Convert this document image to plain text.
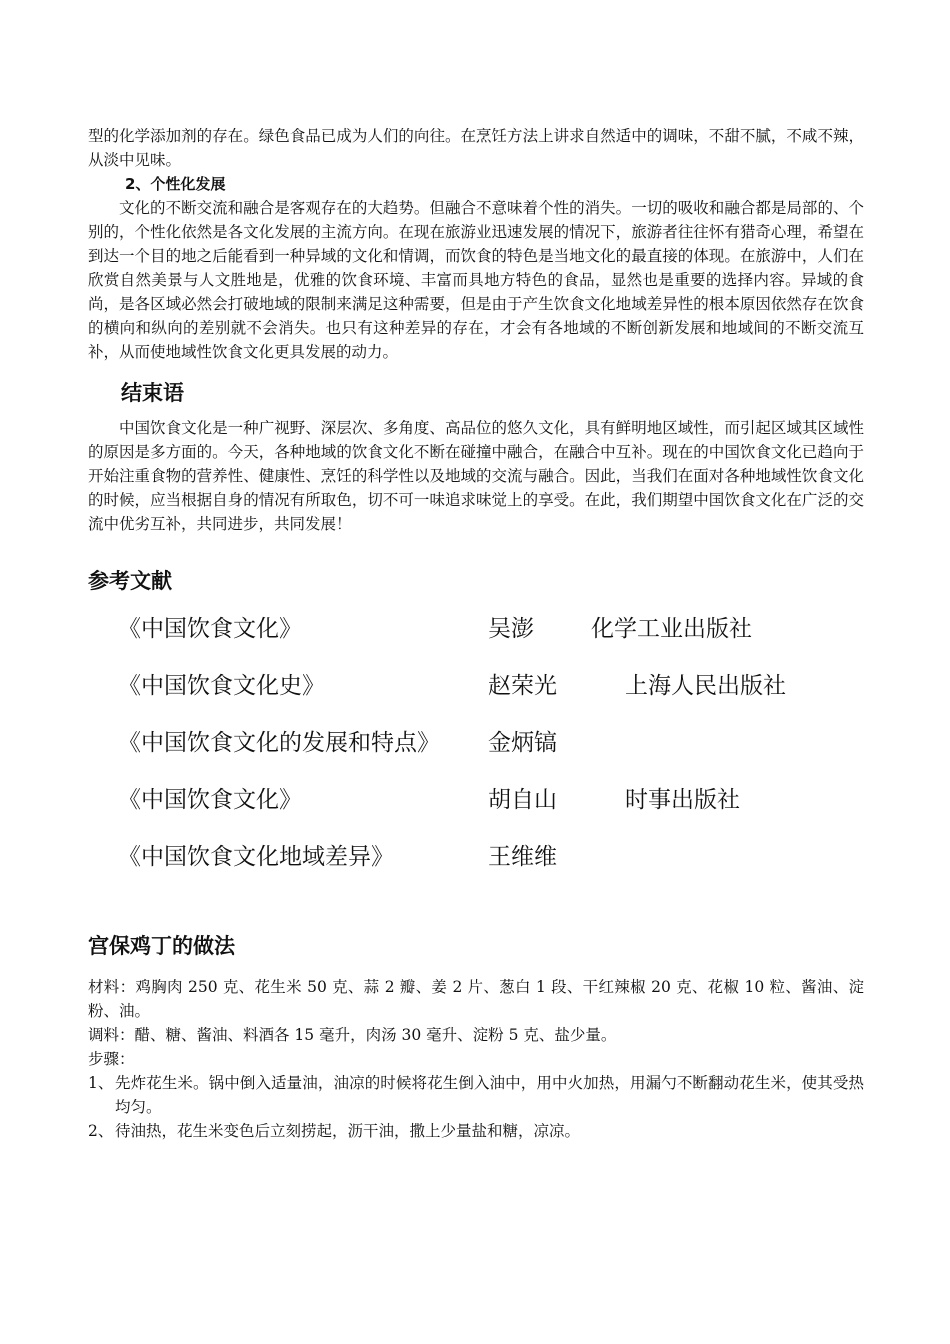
型的化学添加剂的存在。绿色食品已成为人们的向往。在烹饪方法上讲求自然适中的调味，不甜不腻，不咸不辣，从淡中见味。

2、个性化发展

文化的不断交流和融合是客观存在的大趋势。但融合不意味着个性的消失。一切的吸收和融合都是局部的、个别的，个性化依然是各文化发展的主流方向。在现在旅游业迅速发展的情况下，旅游者往往怀有猎奇心理，希望在到达一个目的地之后能看到一种异域的文化和情调，而饮食的特色是当地文化的最直接的体现。在旅游中，人们在欣赏自然美景与人文胜地是，优雅的饮食环境、丰富而具地方特色的食品，显然也是重要的选择内容。异域的食尚，是各区域必然会打破地域的限制来满足这种需要，但是由于产生饮食文化地域差异性的根本原因依然存在饮食的横向和纵向的差别就不会消失。也只有这种差异的存在，才会有各地域的不断创新发展和地域间的不断交流互补，从而使地域性饮食文化更具发展的动力。

结束语

中国饮食文化是一种广视野、深层次、多角度、高品位的悠久文化，具有鲜明地区域性，而引起区域其区域性的原因是多方面的。今天，各种地域的饮食文化不断在碰撞中融合，在融合中互补。现在的中国饮食文化已趋向于开始注重食物的营养性、健康性、烹饪的科学性以及地域的交流与融合。因此，当我们在面对各种地域性饮食文化的时候，应当根据自身的情况有所取色，切不可一味追求味觉上的享受。在此，我们期望中国饮食文化在广泛的交流中优劣互补，共同进步，共同发展！

参考文献
《中国饮食文化》	吴澎 化学工业出版社
《中国饮食文化史》	赵荣光	上海人民出版社
《中国饮食文化的发展和特点》 金炳镐
《中国饮食文化》	胡自山	时事出版社
《中国饮食文化地域差异》	王维维
宫保鸡丁的做法

材料：鸡胸肉 250 克、花生米 50 克、蒜 2 瓣、姜 2 片、葱白 1 段、干红辣椒 20 克、花椒 10 粒、酱油、淀粉、油。

调料：醋、糖、酱油、料酒各 15 毫升，肉汤 30 毫升、淀粉 5 克、盐少量。

步骤：

1、 先炸花生米。锅中倒入适量油，油凉的时候将花生倒入油中，用中火加热，用漏勺不断翻动花生米，使其受热均匀。
2、 待油热，花生米变色后立刻捞起，沥干油，撒上少量盐和糖，凉凉。
